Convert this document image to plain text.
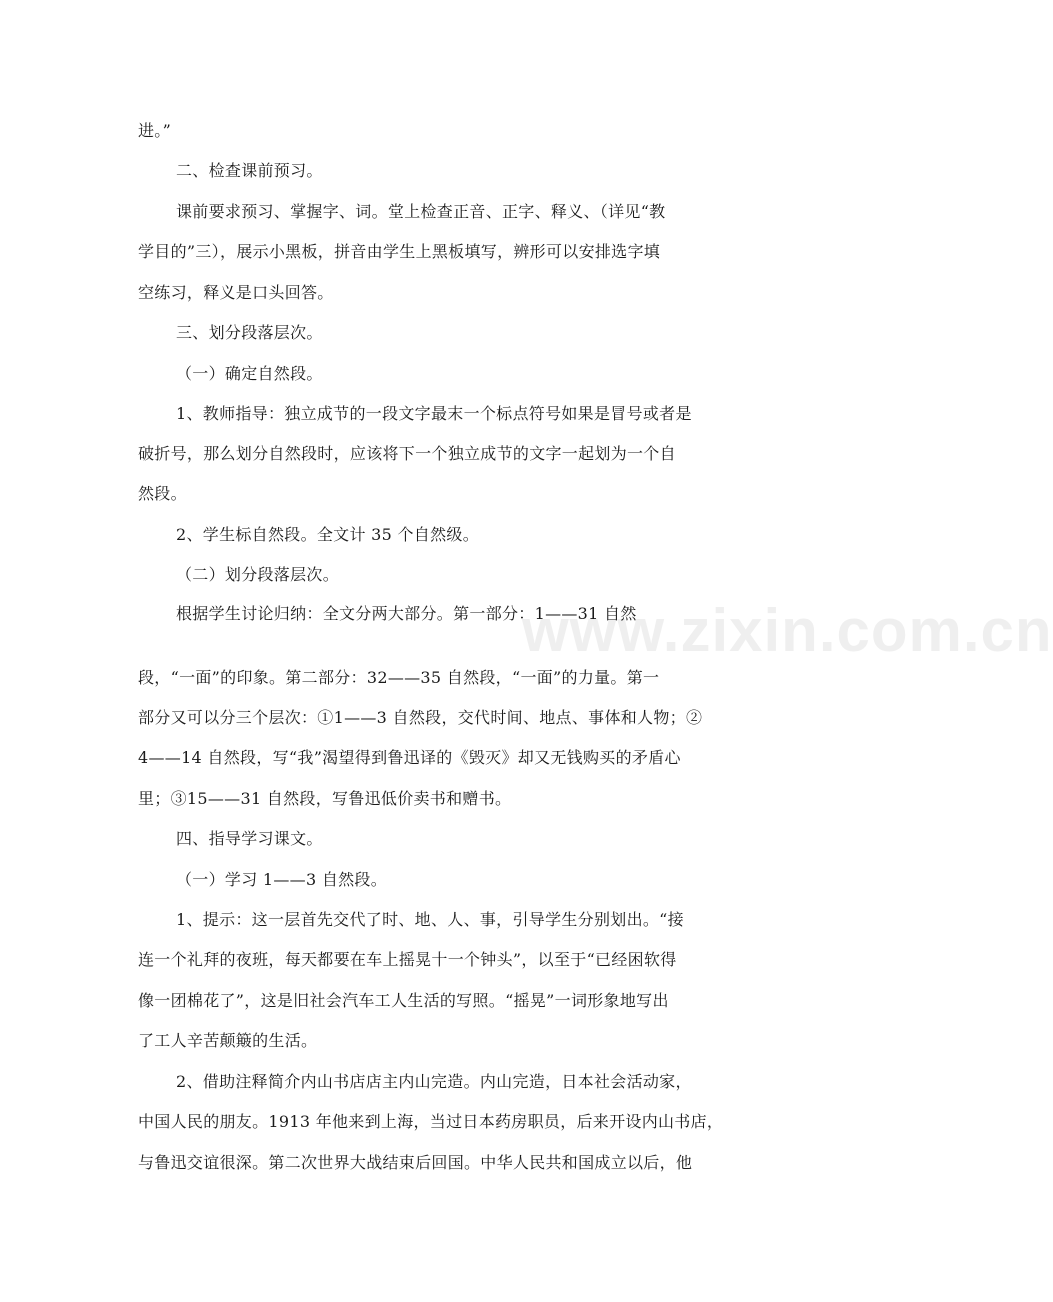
www.zixin.com.cn
进。”
二、检查课前预习。
课前要求预习、掌握字、词。堂上检查正音、正字、释义、（详见“教
学目的”三），展示小黑板，拼音由学生上黑板填写，辨形可以安排选字填
空练习，释义是口头回答。
三、划分段落层次。
（一）确定自然段。
1、教师指导：独立成节的一段文字最末一个标点符号如果是冒号或者是
破折号，那么划分自然段时，应该将下一个独立成节的文字一起划为一个自
然段。
2、学生标自然段。全文计 35 个自然级。
（二）划分段落层次。
根据学生讨论归纳：全文分两大部分。第一部分：1——31 自然
段，“一面”的印象。第二部分：32——35 自然段，“一面”的力量。第一
部分又可以分三个层次：①1——3 自然段，交代时间、地点、事体和人物；②
4——14 自然段，写“我”渴望得到鲁迅译的《毁灭》却又无钱购买的矛盾心
里；③15——31 自然段，写鲁迅低价卖书和赠书。
四、指导学习课文。
（一）学习 1——3 自然段。
1、提示：这一层首先交代了时、地、人、事，引导学生分别划出。“接
连一个礼拜的夜班，每天都要在车上摇晃十一个钟头”，以至于“已经困软得
像一团棉花了”，这是旧社会汽车工人生活的写照。“摇晃”一词形象地写出
了工人辛苦颠簸的生活。
2、借助注释简介内山书店店主内山完造。内山完造，日本社会活动家，
中国人民的朋友。1913 年他来到上海，当过日本药房职员，后来开设内山书店，
与鲁迅交谊很深。第二次世界大战结束后回国。中华人民共和国成立以后，他
